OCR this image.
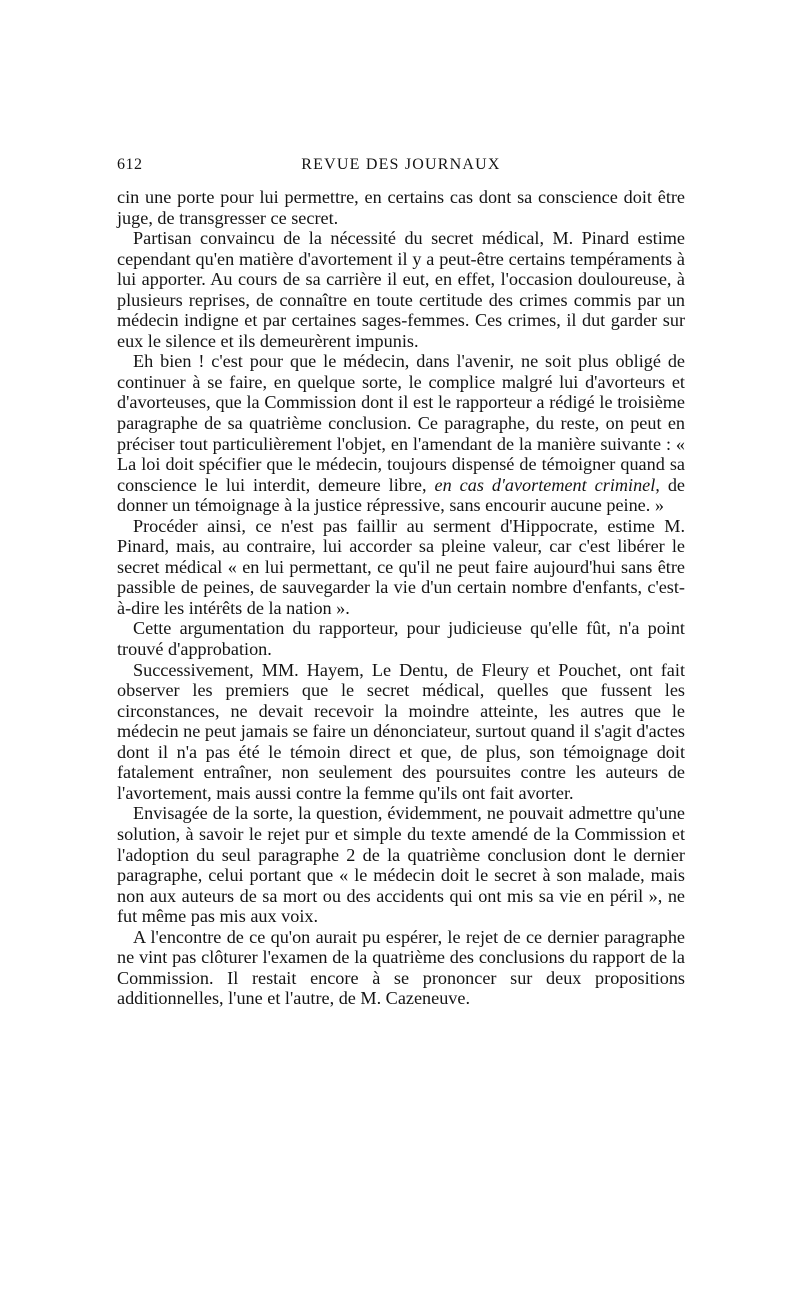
612	REVUE DES JOURNAUX

cin une porte pour lui permettre, en certains cas dont sa conscience doit être juge, de transgresser ce secret.

Partisan convaincu de la nécessité du secret médical, M. Pinard estime cependant qu'en matière d'avortement il y a peut-être certains tempéraments à lui apporter. Au cours de sa carrière il eut, en effet, l'occasion douloureuse, à plusieurs reprises, de connaître en toute certitude des crimes commis par un médecin indigne et par certaines sages-femmes. Ces crimes, il dut garder sur eux le silence et ils demeurèrent impunis.

Eh bien ! c'est pour que le médecin, dans l'avenir, ne soit plus obligé de continuer à se faire, en quelque sorte, le complice malgré lui d'avorteurs et d'avorteuses, que la Commission dont il est le rapporteur a rédigé le troisième paragraphe de sa quatrième conclusion. Ce paragraphe, du reste, on peut en préciser tout particulièrement l'objet, en l'amendant de la manière suivante : « La loi doit spécifier que le médecin, toujours dispensé de témoigner quand sa conscience le lui interdit, demeure libre, en cas d'avortement criminel, de donner un témoignage à la justice répressive, sans encourir aucune peine. »

Procéder ainsi, ce n'est pas faillir au serment d'Hippocrate, estime M. Pinard, mais, au contraire, lui accorder sa pleine valeur, car c'est libérer le secret médical « en lui permettant, ce qu'il ne peut faire aujourd'hui sans être passible de peines, de sauvegarder la vie d'un certain nombre d'enfants, c'est-à-dire les intérêts de la nation ».

Cette argumentation du rapporteur, pour judicieuse qu'elle fût, n'a point trouvé d'approbation.

Successivement, MM. Hayem, Le Dentu, de Fleury et Pouchet, ont fait observer les premiers que le secret médical, quelles que fussent les circonstances, ne devait recevoir la moindre atteinte, les autres que le médecin ne peut jamais se faire un dénonciateur, surtout quand il s'agit d'actes dont il n'a pas été le témoin direct et que, de plus, son témoignage doit fatalement entraîner, non seulement des poursuites contre les auteurs de l'avortement, mais aussi contre la femme qu'ils ont fait avorter.

Envisagée de la sorte, la question, évidemment, ne pouvait admettre qu'une solution, à savoir le rejet pur et simple du texte amendé de la Commission et l'adoption du seul paragraphe 2 de la quatrième conclusion dont le dernier paragraphe, celui portant que « le médecin doit le secret à son malade, mais non aux auteurs de sa mort ou des accidents qui ont mis sa vie en péril », ne fut même pas mis aux voix.

A l'encontre de ce qu'on aurait pu espérer, le rejet de ce dernier paragraphe ne vint pas clôturer l'examen de la quatrième des conclusions du rapport de la Commission. Il restait encore à se prononcer sur deux propositions additionnelles, l'une et l'autre, de M. Cazeneuve.
